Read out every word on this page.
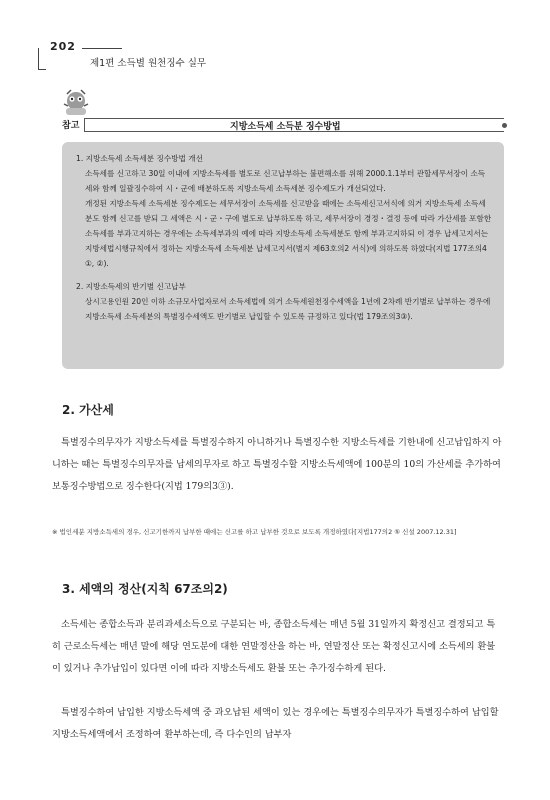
202
제1편 소득별 원천징수 실무
참고	지방소득세 소득분 징수방법

1. 지방소득세 소득세분 징수방법 개선

소득세를 신고하고 30일 이내에 지방소득세를 별도로 신고납부하는 불편해소를 위해 2000.1.1부터 관할세무서장이 소득세와 함께 일괄징수하여 시・군에 배분하도록 지방소득세 소득세분 징수제도가 개선되었다.

개정된 지방소득세 소득세분 징수제도는 세무서장이 소득세를 신고받을 때에는 소득세신고서식에 의거 지방소득세 소득세분도 함께 신고를 받되 그 세액은 시・군・구에 별도로 납부하도록 하고, 세무서장이 경정・결정 등에 따라 가산세를 포함한 소득세를 부과고지하는 경우에는 소득세부과의 예에 따라 지방소득세 소득세분도 함께 부과고지하되 이 경우 납세고지서는 지방세법시행규칙에서 정하는 지방소득세 소득세분 납세고지서(별지 제63호의2 서식)에 의하도록 하였다(지법 177조의4 ①, ②).

2. 지방소득세의 반기별 신고납부

상시고용인원 20인 이하 소규모사업자로서 소득세법에 의거 소득세원천징수세액을 1년에 2차례 반기별로 납부하는 경우에 지방소득세 소득세분의 특별징수세액도 반기별로 납입할 수 있도록 규정하고 있다(법 179조의3③).

2. 가산세

특별징수의무자가 지방소득세를 특별징수하지 아니하거나 특별징수한 지방소득세를 기한내에 신고납입하지 아니하는 때는 특별징수의무자를 납세의무자로 하고 특별징수할 지방소득세액에 100분의 10의 가산세를 추가하여 보통징수방법으로 징수한다(지법 179의3③).

※ 법인세분 지방소득세의 경우, 신고기한까지 납부한 때에는 신고를 하고 납부한 것으로 보도록 개정하였다[지법177의2 ⑤ 신설 2007.12.31]

3. 세액의 정산(지칙 67조의2)

소득세는 종합소득과 분리과세소득으로 구분되는 바, 종합소득세는 매년 5월 31일까지 확정신고 결정되고 특히 근로소득세는 매년 말에 해당 연도분에 대한 연말정산을 하는 바, 연말정산 또는 확정신고시에 소득세의 환불이 있거나 추가납입이 있다면 이에 따라 지방소득세도 환불 또는 추가징수하게 된다.

특별징수하여 납입한 지방소득세액 중 과오납된 세액이 있는 경우에는 특별징수의무자가 특별징수하여 납입할 지방소득세액에서 조정하여 환부하는데, 즉 다수인의 납부자
